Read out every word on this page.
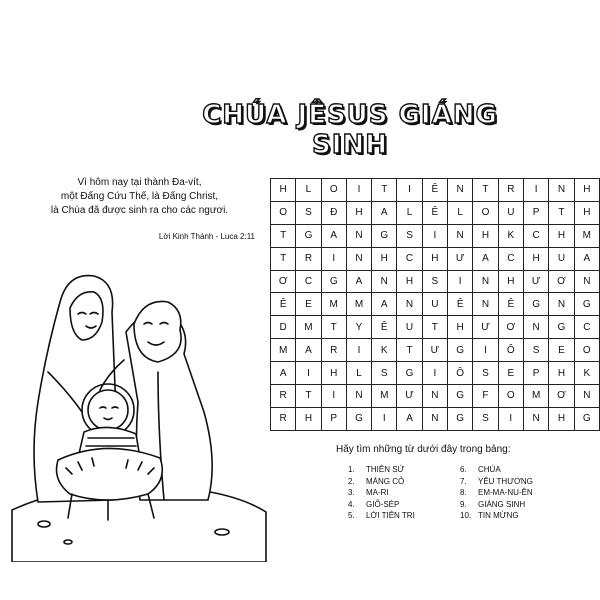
CHÚA JÊSUS GIÁNG SINH
Vì hôm nay tại thành Đa-vít,
một Đấng Cứu Thế, là Đấng Christ,
là Chúa đã được sinh ra cho các ngươi.
Lời Kinh Thánh - Luca 2:11
H	L	O	I	T	I	Ê	N	T	R	I	N	H
O	S	Đ	H	A	L	Ê	L	O	U	P	T	H
T	G	A	N	G	S	I	N	H	K	C	H	M
T	R	I	N	H	C	H	Ư	A	C	H	U	A
Ơ	C	G	A	N	H	S	I	N	H	Ư	Ơ	N
Ê	E	M	M	A	N	U	Ê	N	Ê	G	N	G
D	M	T	Y	Ê	U	T	H	Ư	Ơ	N	G	C
M	A	R	I	K	T	Ư	G	I	Ô	S	E	O
A	I	H	L	S	G	I	Ô	S	E	P	H	K
R	T	I	N	M	Ư	N	G	F	O	M	Ơ	N
R	H	P	G	I	A	N	G	S	I	N	H	G
Hãy tìm những từ dưới đây trong bảng:
1. THIÊN SỨ
2. MÁNG CỎ
3. MA-RI
4. GIÔ-SÉP
5. LỜI TIÊN TRI
6. CHÚA
7. YÊU THƯƠNG
8. EM-MA-NU-ÊN
9. GIÁNG SINH
10. TIN MỪNG
